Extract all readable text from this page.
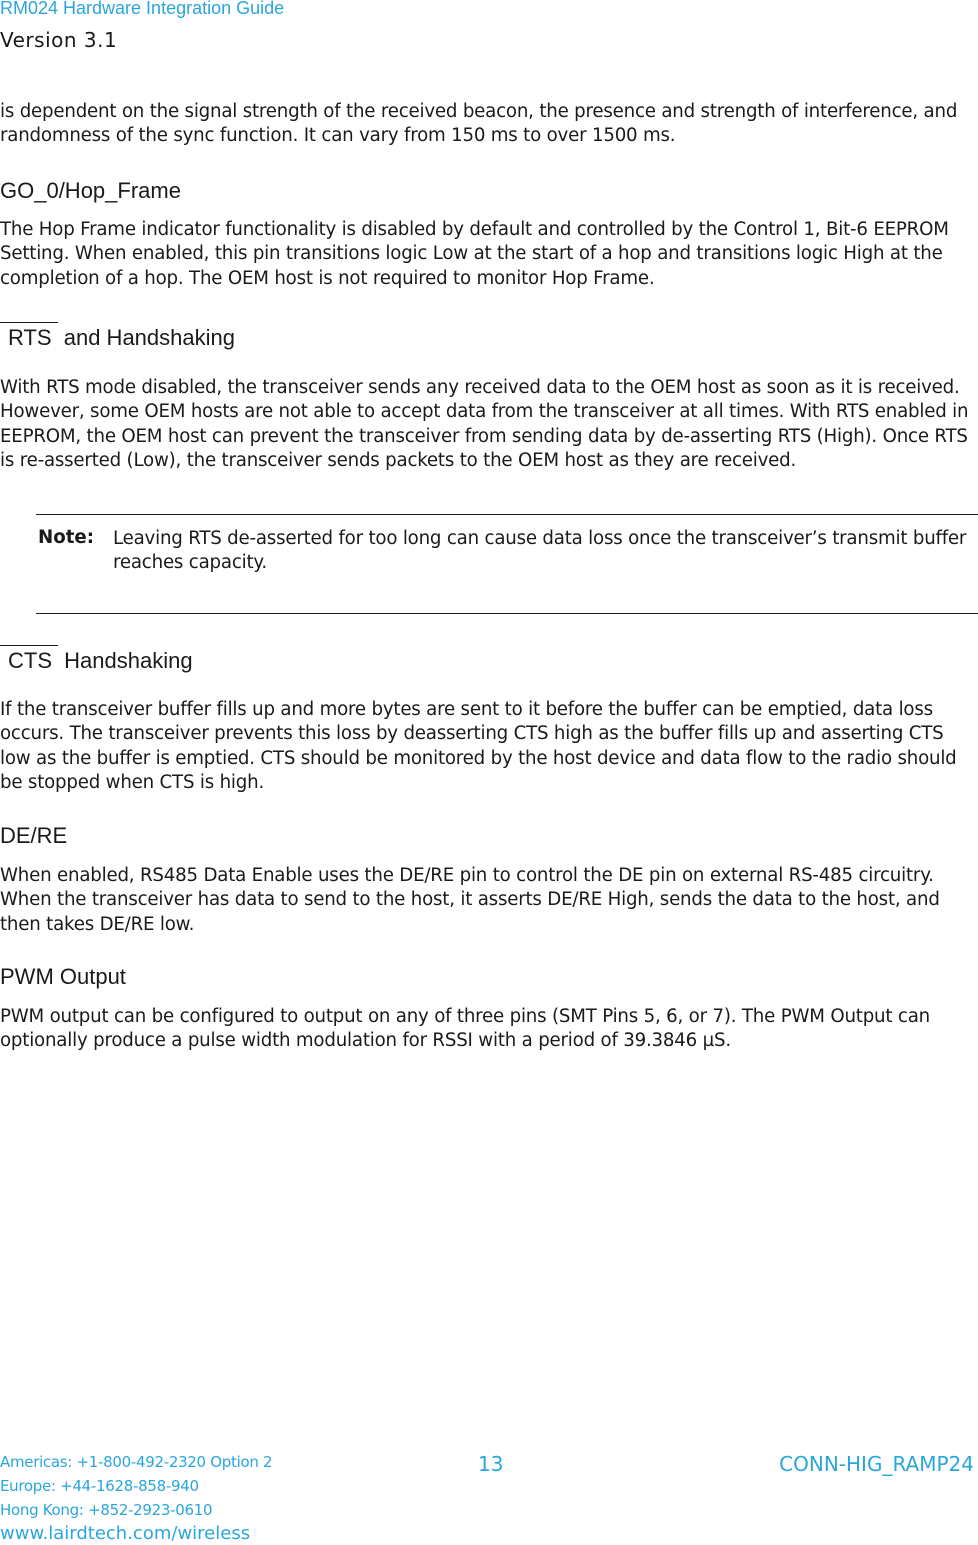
RM024 Hardware Integration Guide
Version 3.1
is dependent on the signal strength of the received beacon, the presence and strength of interference, and randomness of the sync function. It can vary from 150 ms to over 1500 ms.
GO_0/Hop_Frame
The Hop Frame indicator functionality is disabled by default and controlled by the Control 1, Bit-6 EEPROM Setting. When enabled, this pin transitions logic Low at the start of a hop and transitions logic High at the completion of a hop. The OEM host is not required to monitor Hop Frame.
RTS and Handshaking
With RTS mode disabled, the transceiver sends any received data to the OEM host as soon as it is received. However, some OEM hosts are not able to accept data from the transceiver at all times. With RTS enabled in EEPROM, the OEM host can prevent the transceiver from sending data by de-asserting RTS (High). Once RTS is re-asserted (Low), the transceiver sends packets to the OEM host as they are received.
Note: Leaving RTS de-asserted for too long can cause data loss once the transceiver’s transmit buffer
reaches capacity.
CTS Handshaking
If the transceiver buffer fills up and more bytes are sent to it before the buffer can be emptied, data loss occurs. The transceiver prevents this loss by deasserting CTS high as the buffer fills up and asserting CTS low as the buffer is emptied. CTS should be monitored by the host device and data flow to the radio should be stopped when CTS is high.
DE/RE
When enabled, RS485 Data Enable uses the DE/RE pin to control the DE pin on external RS-485 circuitry. When the transceiver has data to send to the host, it asserts DE/RE High, sends the data to the host, and then takes DE/RE low.
PWM Output
PWM output can be configured to output on any of three pins (SMT Pins 5, 6, or 7). The PWM Output can optionally produce a pulse width modulation for RSSI with a period of 39.3846 µS.
Americas: +1-800-492-2320 Option 2
Europe: +44-1628-858-940
Hong Kong: +852-2923-0610
www.lairdtech.com/wireless
13	CONN-HIG_RAMP24
